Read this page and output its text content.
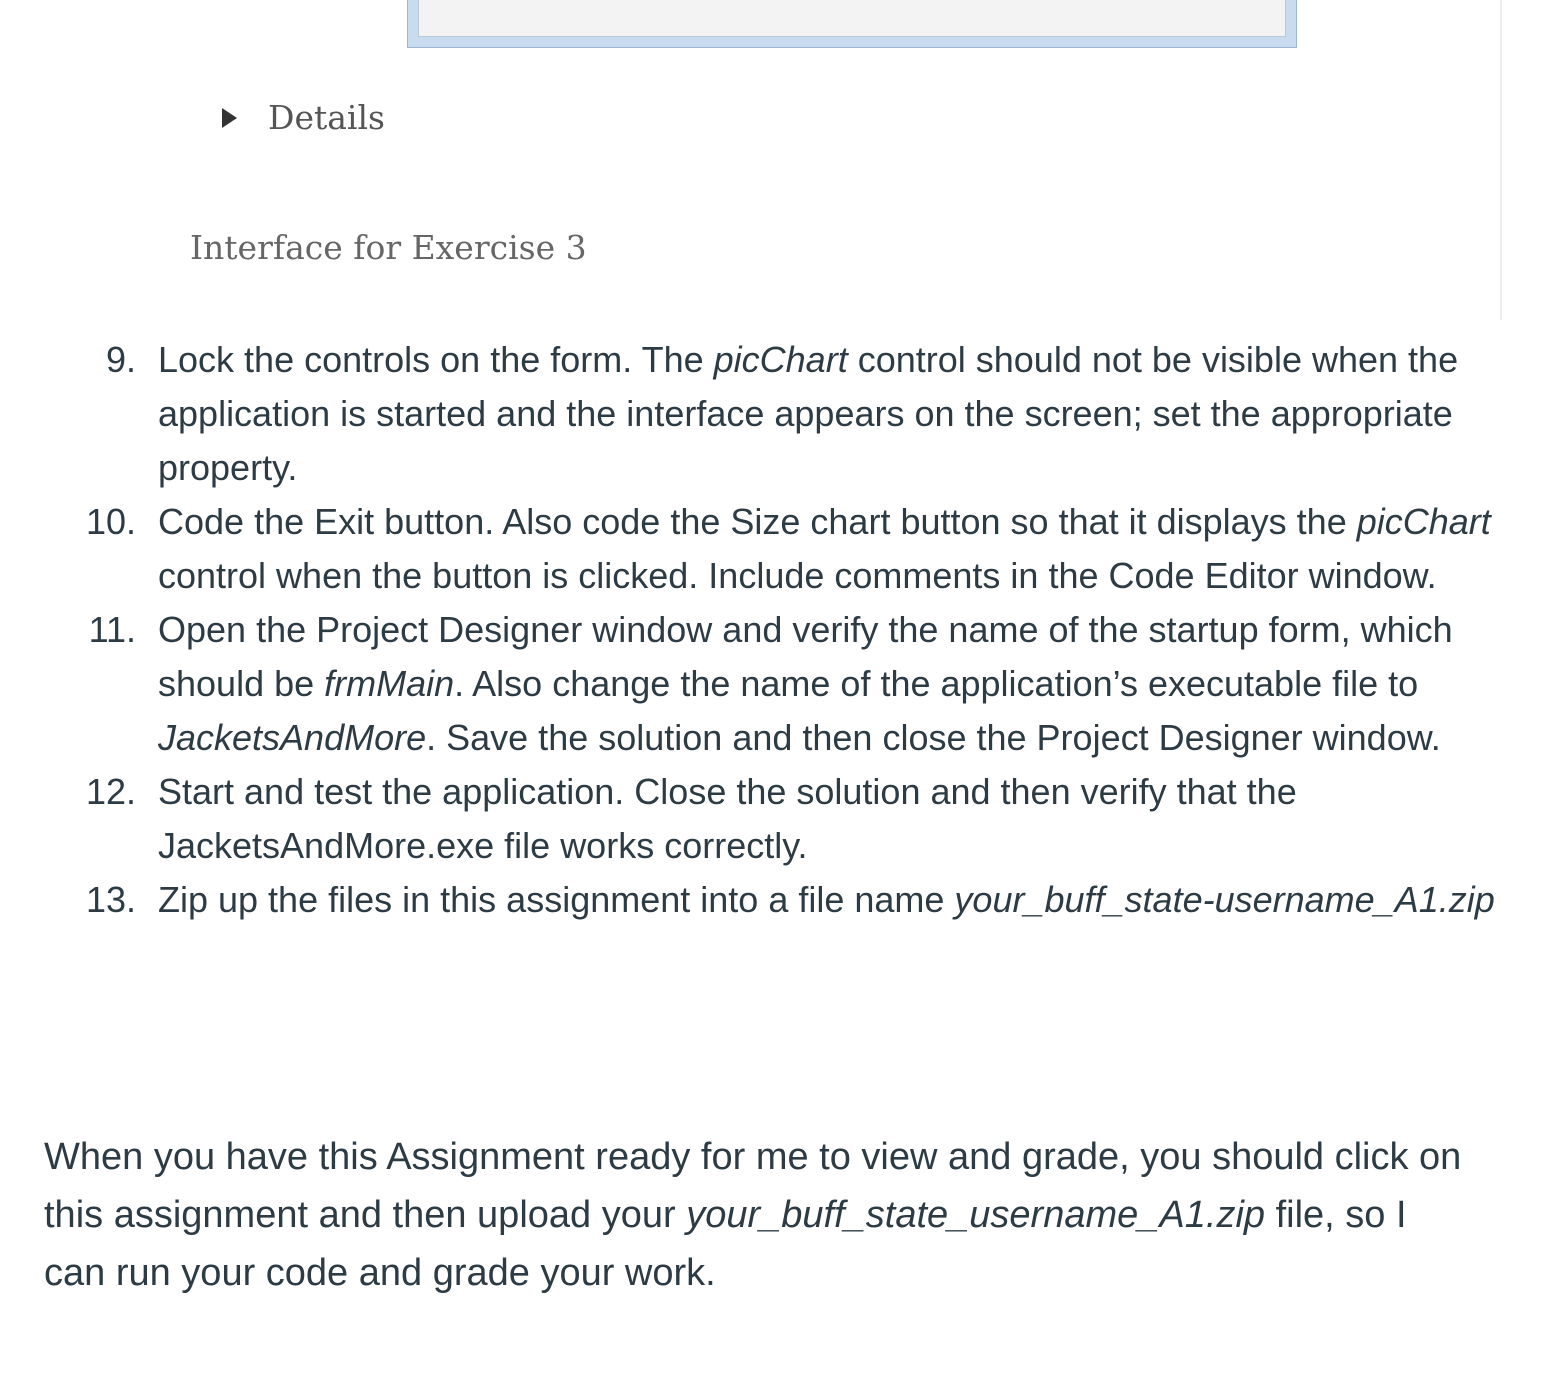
Details
Interface for Exercise 3
9. Lock the controls on the form. The picChart control should not be visible when the application is started and the interface appears on the screen; set the appropriate property.
10. Code the Exit button. Also code the Size chart button so that it displays the picChart control when the button is clicked. Include comments in the Code Editor window.
11. Open the Project Designer window and verify the name of the startup form, which should be frmMain. Also change the name of the application’s executable file to JacketsAndMore. Save the solution and then close the Project Designer window.
12. Start and test the application. Close the solution and then verify that the JacketsAndMore.exe file works correctly.
13. Zip up the files in this assignment into a file name your_buff_state-username_A1.zip

When you have this Assignment ready for me to view and grade, you should click on this assignment and then upload your your_buff_state_username_A1.zip file, so I can run your code and grade your work.
